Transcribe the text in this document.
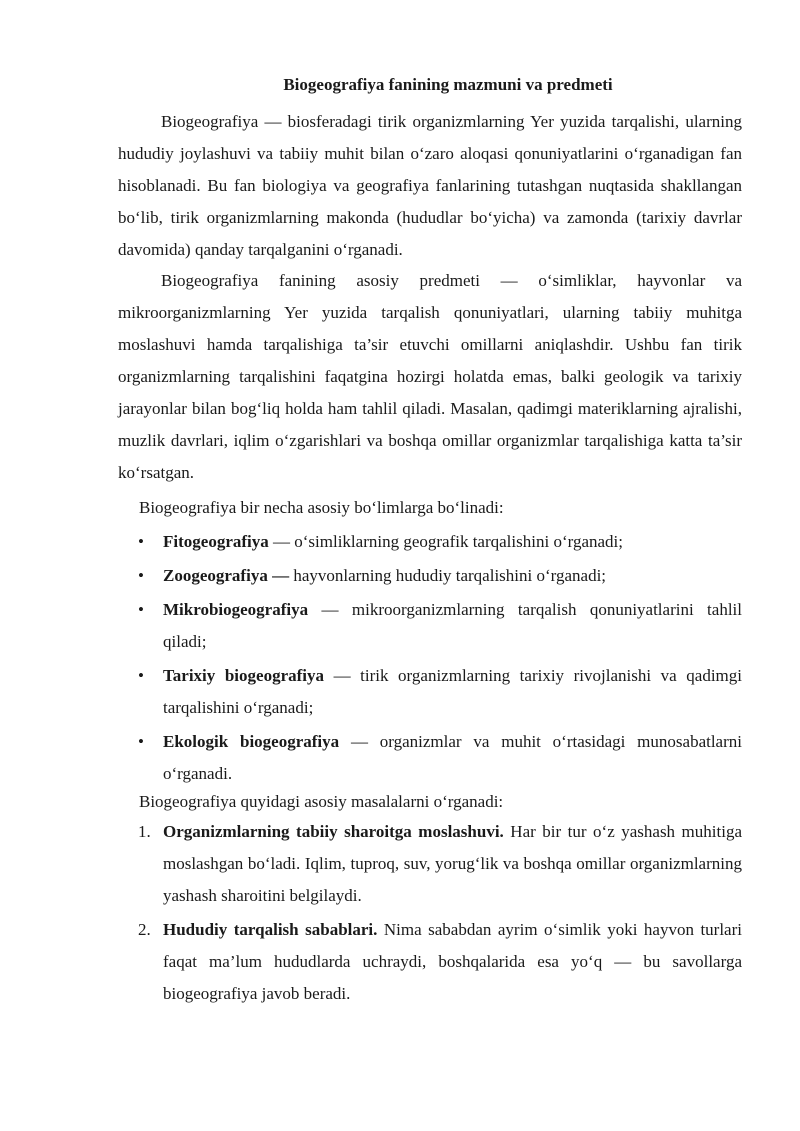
Biogeografiya fanining mazmuni va predmeti

Biogeografiya — biosferadagi tirik organizmlarning Yer yuzida tarqalishi, ularning hududiy joylashuvi va tabiiy muhit bilan o‘zaro aloqasi qonuniyatlarini o‘rganadigan fan hisoblanadi. Bu fan biologiya va geografiya fanlarining tutashgan nuqtasida shakllangan bo‘lib, tirik organizmlarning makonda (hududlar bo‘yicha) va zamonda (tarixiy davrlar davomida) qanday tarqalganini o‘rganadi.

Biogeografiya fanining asosiy predmeti — o‘simliklar, hayvonlar va mikroorganizmlarning Yer yuzida tarqalish qonuniyatlari, ularning tabiiy muhitga moslashuvi hamda tarqalishiga ta’sir etuvchi omillarni aniqlashdir. Ushbu fan tirik organizmlarning tarqalishini faqatgina hozirgi holatda emas, balki geologik va tarixiy jarayonlar bilan bog‘liq holda ham tahlil qiladi. Masalan, qadimgi materiklarning ajralishi, muzlik davrlari, iqlim o‘zgarishlari va boshqa omillar organizmlar tarqalishiga katta ta’sir ko‘rsatgan.

Biogeografiya bir necha asosiy bo‘limlarga bo‘linadi:

• Fitogeografiya — o‘simliklarning geografik tarqalishini o‘rganadi;
• Zoogeografiya — hayvonlarning hududiy tarqalishini o‘rganadi;
• Mikrobiogeografiya — mikroorganizmlarning tarqalish qonuniyatlarini tahlil qiladi;
• Tarixiy biogeografiya — tirik organizmlarning tarixiy rivojlanishi va qadimgi tarqalishini o‘rganadi;
• Ekologik biogeografiya — organizmlar va muhit o‘rtasidagi munosabatlarni o‘rganadi.

Biogeografiya quyidagi asosiy masalalarni o‘rganadi:

1. Organizmlarning tabiiy sharoitga moslashuvi. Har bir tur o‘z yashash muhitiga moslashgan bo‘ladi. Iqlim, tuproq, suv, yorug‘lik va boshqa omillar organizmlarning yashash sharoitini belgilaydi.
2. Hududiy tarqalish sabablari. Nima sababdan ayrim o‘simlik yoki hayvon turlari faqat ma’lum hududlarda uchraydi, boshqalarida esa yo‘q — bu savollarga biogeografiya javob beradi.
